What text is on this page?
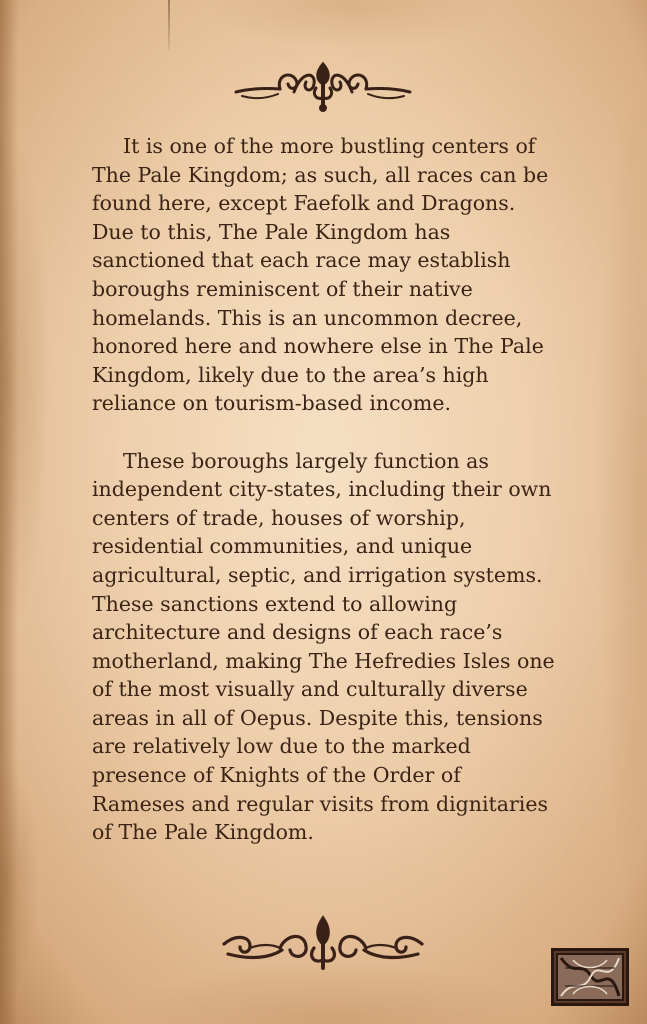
It is one of the more bustling centers of The Pale Kingdom; as such, all races can be found here, except Faefolk and Dragons. Due to this, The Pale Kingdom has sanctioned that each race may establish boroughs reminiscent of their native homelands. This is an uncommon decree, honored here and nowhere else in The Pale Kingdom, likely due to the area’s high reliance on tourism-based income.

These boroughs largely function as independent city-states, including their own centers of trade, houses of worship, residential communities, and unique agricultural, septic, and irrigation systems. These sanctions extend to allowing architecture and designs of each race’s motherland, making The Hefredies Isles one of the most visually and culturally diverse areas in all of Oepus. Despite this, tensions are relatively low due to the marked presence of Knights of the Order of Rameses and regular visits from dignitaries of The Pale Kingdom.
